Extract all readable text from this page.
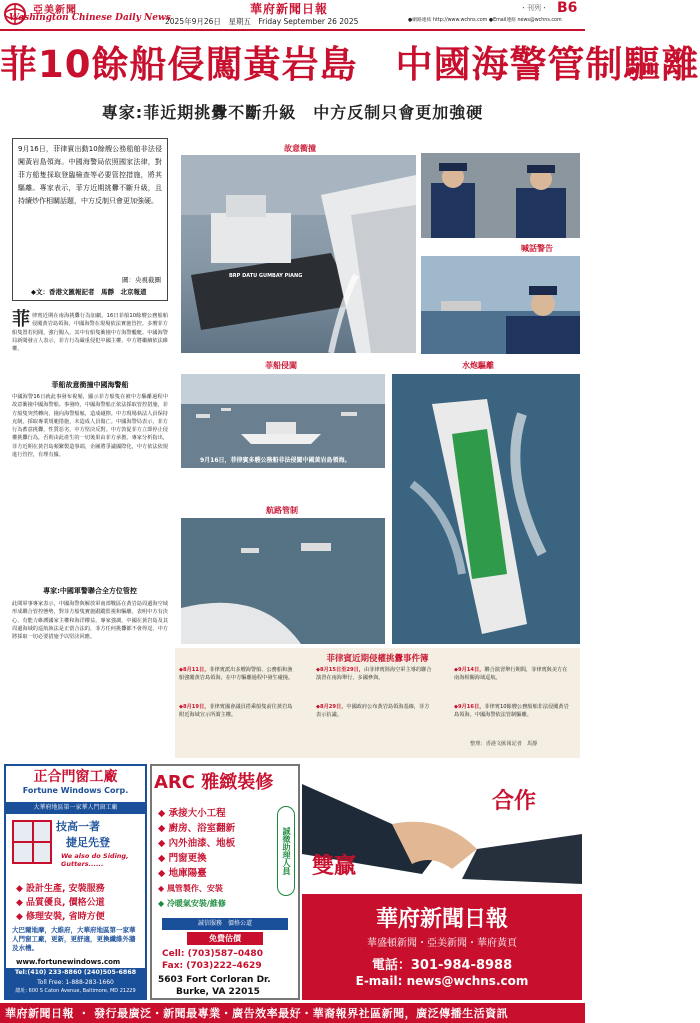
亞美新聞
Washington Chinese Daily News
華府新聞日報
2025年9月26日　星期五　Friday September 26 2025	●網路連結 http://www.wchns.com ●Email連絡 news@wchns.com
・刊列・ B6
菲10餘船侵闖黃岩島　中國海警管制驅離
專家:菲近期挑釁不斷升級　中方反制只會更加強硬
9月16日，菲律賓出動10餘艘公務船舶非法侵闖黃岩島領海。中國海警局依照國家法律，對菲方船隻採取登臨檢查等必要管控措施，將其驅離。專家表示，菲方近期挑釁不斷升級，且持續炒作相關話題，中方反制只會更加強硬。
圖：央視截圖
◆文：香港文匯報記者　馬靜　北京報道
菲 律賓近期在南海挑釁行為加劇。16日菲船10餘艘公務船舶侵闖黃岩島領海，中國海警在現場依法實施管控。多艘菲方船隻置若罔聞，強行闖入，其中有船隻衝撞中方海警艦艇。中國海警局新聞發言人表示，菲方行為嚴重侵犯中國主權，中方將繼續依法維權。
菲船故意衝撞中國海警船
中國海警16日就此事發布視頻，顯示菲方船隻在被中方驅離過程中故意衝撞中國海警船。事發時，中國海警船正依法採取管控措施，菲方船隻突然轉向，撞向海警船舷，造成碰擦。中方現場執法人員保持克制，採取專業規範措施，未造成人員傷亡。中國海警局表示，菲方行為蓄意挑釁，性質惡劣，中方堅決反對。中方敦促菲方立即停止侵權挑釁行為，否則由此產生的一切後果由菲方承擔。專家分析指出，菲方近期在黃岩島頻繁製造事端，企圖將爭議國際化，中方依法依規進行管控，有理有據。
專家:中國軍警聯合全方位管控
此間軍事專家表示，中國海警與解放軍南部戰區在黃岩島周邊海空域形成聯合管控態勢，對菲方船隻實施跟蹤監視和驅離，表明中方有決心、有能力維護國家主權和海洋權益。專家強調，中國在黃岩島及其周邊海域的巡航執法是正當合法的，菲方任何挑釁都不會得逞，中方將採取一切必要措施予以堅決回應。
故意衝撞
BRP DATU GUMBAY PIANG
喊話警告
菲船侵闖	水炮驅離
9月16日，菲律賓多艘公務船非法侵闖中國黃岩島領海。
航路管制
菲律賓近期侵權挑釁事件簿
◆8月11日，菲律賓派出多艘海警船、公務船和漁船強闖黃岩島領海，在中方驅離過程中發生碰撞。
◆8月15日至29日，由菲律賓陸海空軍主導的聯合演習在南海舉行，多國參與。
◆9月14日，聯合演習舉行期間，菲律賓與美方在南海相關海域巡航。
◆8月19日，菲律賓國會議員搭乘船隻前往黃岩島附近海域宣示所謂主權。
◆8月29日，中國政府公布黃岩島領海基線，菲方表示抗議。
◆9月16日，菲律賓10餘艘公務船舶非法侵闖黃岩島領海，中國海警依法管制驅離。
整理：香港文匯報記者　馬靜
正合門窗工廠
Fortune Windows Corp.
大華府地區第一家華人門窗工廠
技高一著
捷足先登
We also do Siding, Gutters......
◆ 設計生產, 安裝服務
◆ 品質優良, 價格公道
◆ 修理安裝, 省時方便
大巴爾地摩，大維府，大華府地區第一家華人門窗工廠，更新，更舒適，更換纖維外牆及水槽。
www.fortunewindows.com
Tel:(410) 233-8860 (240)505-6868
Toll Free: 1-888-283-1660
總址: 600 S Caton Avenue, Baltimore, MD 21229
ARC 雅緻裝修
◆ 承接大小工程
◆ 廚房、浴室翻新
◆ 內外油漆、地板
◆ 門窗更換
◆ 地庫陽臺
◆ 風管製作、安裝
◆ 冷暖氣安裝/維修
誠徵助理人員
誠信服務　價格公道
免費估價
Cell: (703)587–0480
Fax: (703)222–4629
5603 Fort Corloran Dr.
Burke, VA 22015
合作
雙贏
華府新聞日報
華盛頓新聞・亞美新聞・華府黃頁
電話：301-984-8988
E-mail: news@wchns.com
華府新聞日報 ・ 發行最廣泛・新聞最專業・廣告效率最好・華裔報界社區新聞，廣泛傳播生活資訊
